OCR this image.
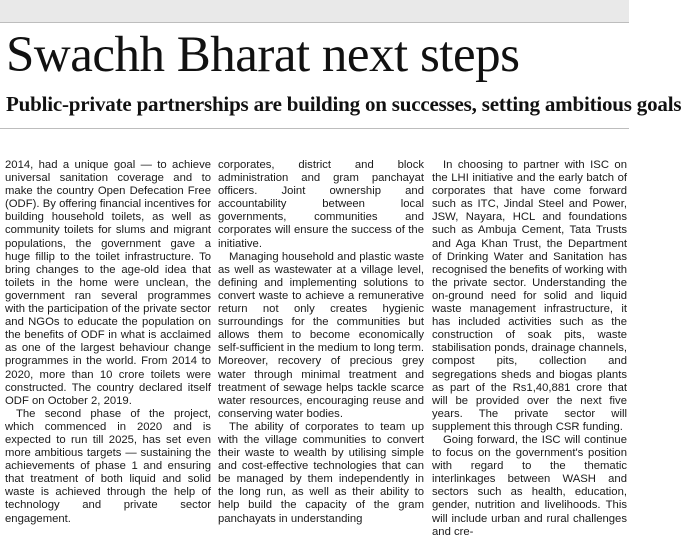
Swachh Bharat next steps
Public-private partnerships are building on successes, setting ambitious goals

2014, had a unique goal — to achieve universal sanitation coverage and to make the country Open Defecation Free (ODF). By offering financial incentives for building household toilets, as well as community toilets for slums and migrant populations, the government gave a huge fillip to the toilet infrastructure. To bring changes to the age-old idea that toilets in the home were unclean, the government ran several programmes with the participation of the private sector and NGOs to educate the population on the benefits of ODF in what is acclaimed as one of the largest behaviour change programmes in the world. From 2014 to 2020, more than 10 crore toilets were constructed. The country declared itself ODF on October 2, 2019.

The second phase of the project, which commenced in 2020 and is expected to run till 2025, has set even more ambitious targets — sustaining the achievements of phase 1 and ensuring that treatment of both liquid and solid waste is achieved through the help of technology and private sector engagement.

corporates, district and block administration and gram panchayat officers. Joint ownership and accountability between local governments, communities and corporates will ensure the success of the initiative.

Managing household and plastic waste as well as wastewater at a village level, defining and implementing solutions to convert waste to achieve a remunerative return not only creates hygienic surroundings for the communities but allows them to become economically self-sufficient in the medium to long term. Moreover, recovery of precious grey water through minimal treatment and treatment of sewage helps tackle scarce water resources, encouraging reuse and conserving water bodies.

The ability of corporates to team up with the village communities to convert their waste to wealth by utilising simple and cost-effective technologies that can be managed by them independently in the long run, as well as their ability to help build the capacity of the gram panchayats in understanding

In choosing to partner with ISC on the LHI initiative and the early batch of corporates that have come forward such as ITC, Jindal Steel and Power, JSW, Nayara, HCL and foundations such as Ambuja Cement, Tata Trusts and Aga Khan Trust, the Department of Drinking Water and Sanitation has recognised the benefits of working with the private sector. Understanding the on-ground need for solid and liquid waste management infrastructure, it has included activities such as the construction of soak pits, waste stabilisation ponds, drainage channels, compost pits, collection and segregations sheds and biogas plants as part of the Rs1,40,881 crore that will be provided over the next five years. The private sector will supplement this through CSR funding.

Going forward, the ISC will continue to focus on the government's position with regard to the thematic interlinkages between WASH and sectors such as health, education, gender, nutrition and livelihoods. This will include urban and rural challenges and cre-
